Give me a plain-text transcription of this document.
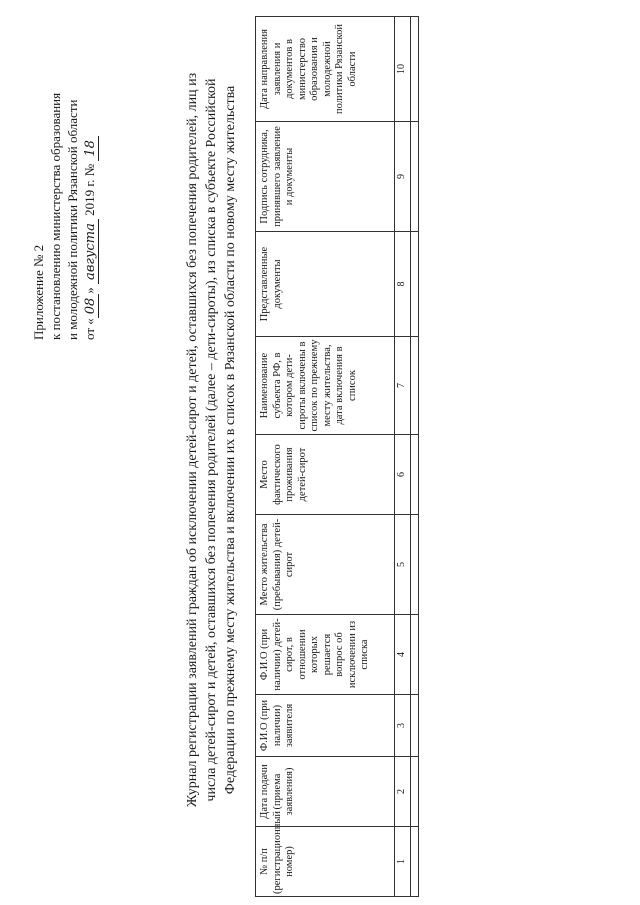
Приложение № 2 к постановлению министерства образования и молодежной политики Рязанской области от «08» августа 2019 г. № 18	Журнал регистрации заявлений граждан об исключении детей-сирот и детей, оставшихся без попечения родителей, лиц из числа детей-сирот и детей, оставшихся без попечения родителей (далее – дети-сироты), из списка в субъекте Российской Федерации по прежнему месту жительства и включении их в список в Рязанской области по новому месту жительства
№ п/п (регистрационный номер)	Дата подачи (приема заявления)	Ф.И.О (при наличии) заявителя	Ф.И.О (при наличии) детей-сирот, в отношении которых решается вопрос об исключении из списка	Место жительства (пребывания) детей-сирот	Место фактического проживания детей-сирот	Наименование субъекта РФ, в котором дети-сироты включены в список по прежнему месту жительства, дата включения в список	Представленные документы	Подпись сотрудника, принявшего заявление и документы	Дата направления заявления и документов в министерство образования и молодежной политики Рязанской области
1	2	3	4	5	6	7	8	9	10
